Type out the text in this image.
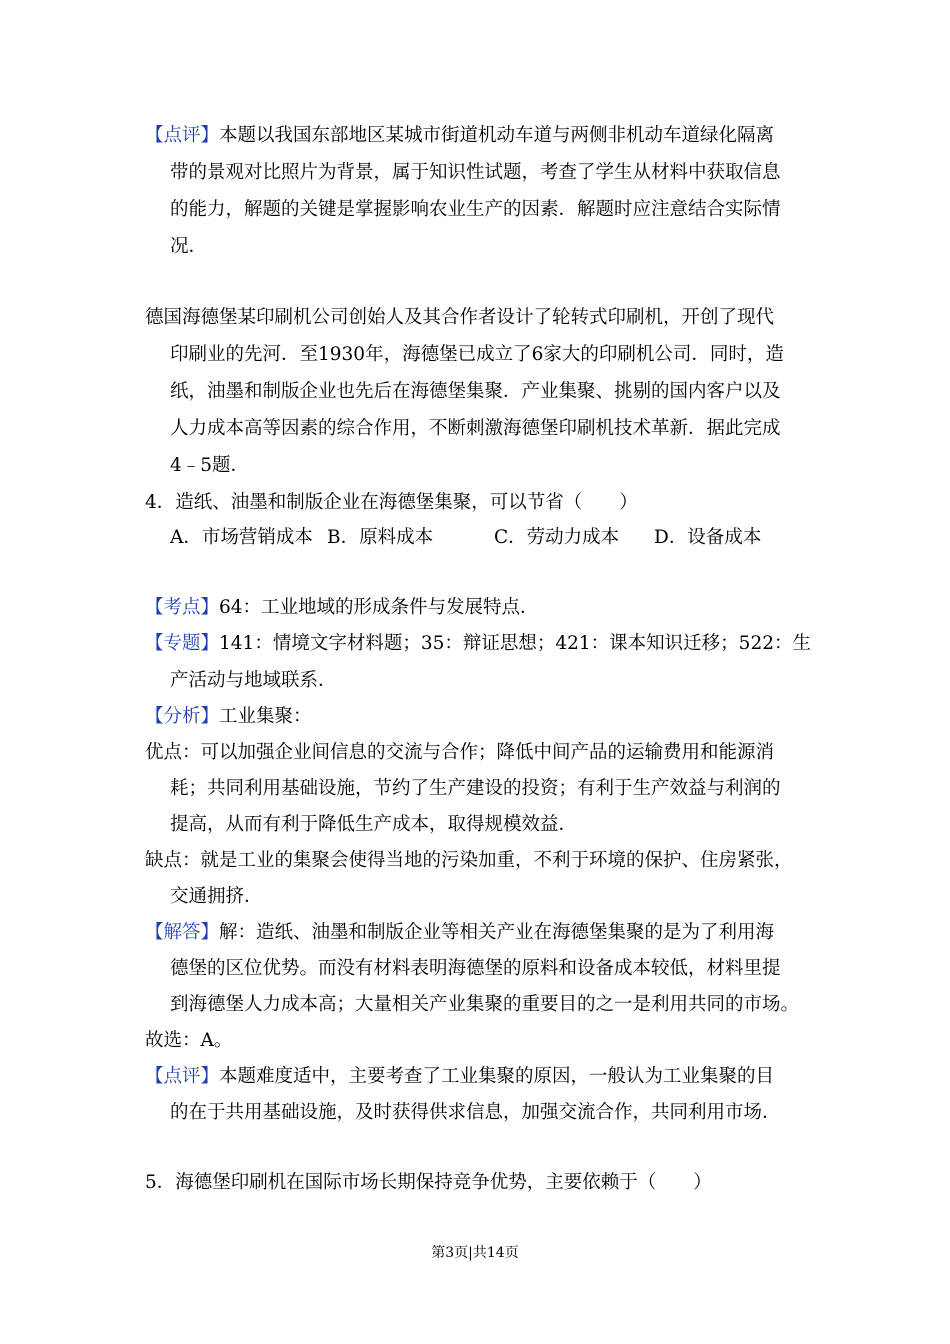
【点评】本题以我国东部地区某城市街道机动车道与两侧非机动车道绿化隔离
带的景观对比照片为背景，属于知识性试题，考查了学生从材料中获取信息
的能力，解题的关键是掌握影响农业生产的因素．解题时应注意结合实际情
况．
德国海德堡某印刷机公司创始人及其合作者设计了轮转式印刷机，开创了现代
印刷业的先河．至1930年，海德堡已成立了6家大的印刷机公司．同时，造
纸，油墨和制版企业也先后在海德堡集聚．产业集聚、挑剔的国内客户以及
人力成本高等因素的综合作用，不断刺激海德堡印刷机技术革新．据此完成
4﹣5题．
4．造纸、油墨和制版企业在海德堡集聚，可以节省（　　）
A．市场营销成本 B．原料成本	C．劳动力成本 D．设备成本
【考点】64：工业地域的形成条件与发展特点．
【专题】141：情境文字材料题；35：辩证思想；421：课本知识迁移；522：生
产活动与地域联系．
【分析】工业集聚：
优点：可以加强企业间信息的交流与合作；降低中间产品的运输费用和能源消
耗；共同利用基础设施，节约了生产建设的投资；有利于生产效益与利润的
提高，从而有利于降低生产成本，取得规模效益．
缺点：就是工业的集聚会使得当地的污染加重，不利于环境的保护、住房紧张，
交通拥挤．
【解答】解：造纸、油墨和制版企业等相关产业在海德堡集聚的是为了利用海
德堡的区位优势。而没有材料表明海德堡的原料和设备成本较低，材料里提
到海德堡人力成本高；大量相关产业集聚的重要目的之一是利用共同的市场。
故选：A。
【点评】本题难度适中，主要考查了工业集聚的原因，一般认为工业集聚的目
的在于共用基础设施，及时获得供求信息，加强交流合作，共同利用市场．
5．海德堡印刷机在国际市场长期保持竞争优势，主要依赖于（　　）
第3页|共14页
